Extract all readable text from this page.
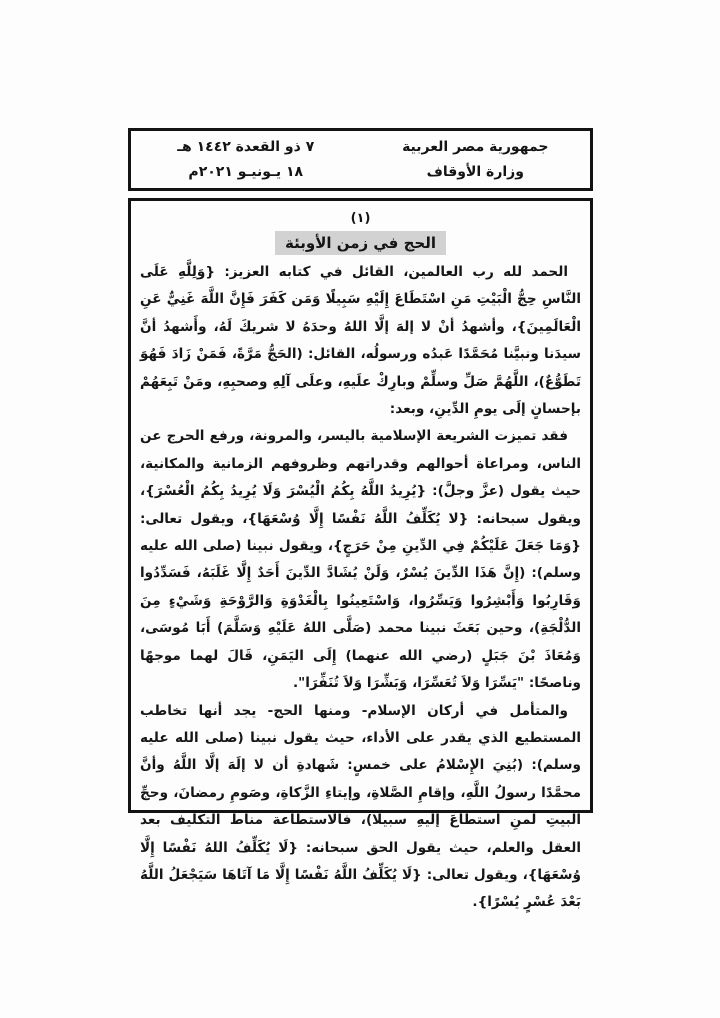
جمهورية مصر العربية
وزارة الأوقاف
٧ ذو القعدة ١٤٤٢ هـ
١٨ يـونيـو ٢٠٢١م
(١)
الحج في زمن الأوبئة

الحمد لله رب العالمين، القائل في كتابه العزيز: {وَلِلَّهِ عَلَى النَّاسِ حِجُّ الْبَيْتِ مَنِ اسْتَطَاعَ إِلَيْهِ سَبِيلًا وَمَن كَفَرَ فَإِنَّ اللَّهَ غَنِيٌّ عَنِ الْعَالَمِينَ}، وأشهدُ أنْ لا إلهَ إلَّا اللهُ وحدَهُ لا شريكَ لَهُ، وأَشهدُ أنَّ سيدَنا ونبيَّنا مُحَمَّدًا عَبدُه ورسولُه، القائل: (الحَجُّ مَرَّةً، فَمَنْ زَادَ فَهُوَ تَطَوُّعٌ)، اللَّهُمَّ صَلِّ وسلِّمْ وبارِكْ علَيهِ، وعلَى آلِهِ وصحبِهِ، ومَنْ تَبِعَهُمْ بإحسانٍ إلَى يومِ الدِّينِ، وبعد:

فقد تميزت الشريعة الإسلامية باليسر، والمرونة، ورفع الحرج عن الناس، ومراعاة أحوالهم وقدراتهم وظروفهم الزمانية والمكانية، حيث يقول (عزَّ وجلَّ): {يُرِيدُ اللَّهُ بِكُمُ الْيُسْرَ وَلَا يُرِيدُ بِكُمُ الْعُسْرَ}، ويقول سبحانه: {لا يُكَلِّفُ اللَّهُ نَفْسًا إِلَّا وُسْعَهَا}، ويقول تعالى: {وَمَا جَعَلَ عَلَيْكُمْ فِي الدِّينِ مِنْ حَرَجٍ}، ويقول نبينا (صلى الله عليه وسلم): (إِنَّ هَذَا الدِّينَ يُسْرٌ، وَلَنْ يُشَادَّ الدِّينَ أَحَدٌ إِلَّا غَلَبَهُ، فَسَدِّدُوا وَقَارِبُوا وَأَبْشِرُوا وَيَسِّرُوا، وَاسْتَعِينُوا بِالْغَدْوَةِ وَالرَّوْحَةِ وَشَيْءٍ مِنَ الدُّلْجَةِ)، وحين بَعَثَ نبينا محمد (صَلَّى اللهُ عَلَيْهِ وَسَلَّمَ) أَبَا مُوسَى، وَمُعَاذَ بْنَ جَبَلٍ (رضي الله عنهما) إِلَى اليَمَنِ، قَالَ لهما موجهًا وناصحًا: "يَسِّرَا وَلاَ تُعَسِّرَا، وَبَشِّرَا وَلاَ تُنَفِّرَا".

والمتأمل في أركان الإسلام- ومنها الحج- يجد أنها تخاطب المستطيع الذي يقدر على الأداء، حيث يقول نبينا (صلى الله عليه وسلم): (بُنِيَ الإِسْلامُ على خمسٍ: شَهادةِ أن لا إلَهَ إلَّا اللَّهُ وأنَّ محمَّدًا رسولُ اللَّهِ، وإقامِ الصَّلاةِ، وإيتاءِ الزَّكاةِ، وصَومِ رمضانَ، وحجِّ البيتِ لمنِ استطاعَ إليهِ سبيلًا)، فالاستطاعة مناط التكليف بعد العقل والعلم، حيث يقول الحق سبحانه: {لَا يُكَلِّفُ اللهُ نَفْسًا إِلَّا وُسْعَهَا}، ويقول تعالى: {لَا يُكَلِّفُ اللَّهُ نَفْسًا إِلَّا مَا آتَاهَا سَيَجْعَلُ اللَّهُ بَعْدَ عُسْرٍ يُسْرًا}.
